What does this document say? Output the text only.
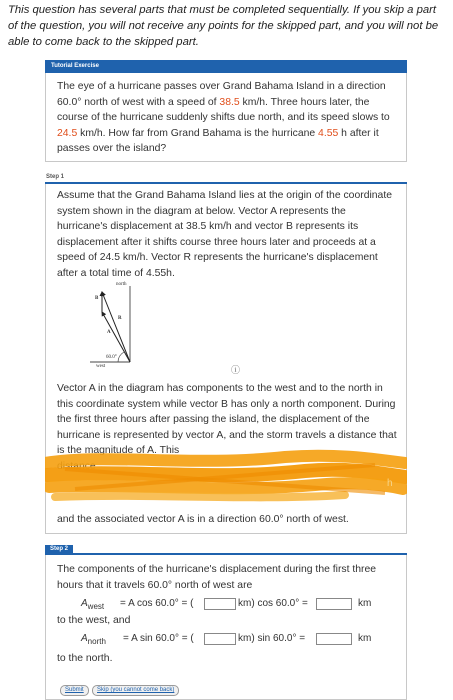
This question has several parts that must be completed sequentially. If you skip a part of the question, you will not receive any points for the skipped part, and you will not be able to come back to the skipped part.
Tutorial Exercise
The eye of a hurricane passes over Grand Bahama Island in a direction 60.0° north of west with a speed of 38.5 km/h. Three hours later, the course of the hurricane suddenly shifts due north, and its speed slows to 24.5 km/h. How far from Grand Bahama is the hurricane 4.55 h after it passes over the island?
Step 1
Assume that the Grand Bahama Island lies at the origin of the coordinate system shown in the diagram at below. Vector A represents the hurricane's displacement at 38.5 km/h and vector B represents its displacement after it shifts course three hours later and proceeds at a speed of 24.5 km/h. Vector R represents the hurricane's displacement after a total time of 4.55h.
north
west
B
R
A
60.0°
ⓘ
Vector A in the diagram has components to the west and to the north in this coordinate system while vector B has only a north component. During the first three hours after passing the island, the displacement of the hurricane is represented by vector A, and the storm travels a distance that is the magnitude of A. This
distance
h
and the associated vector A is in a direction 60.0° north of west.
Step 2
The components of the hurricane's displacement during the first three hours that it travels 60.0° north of west are
$A_{west} = A$ cos 60.0° = (	km) cos 60.0° =	km
to the west, and
$A_{north} = A$ sin 60.0° = (	km) sin 60.0° =	km
to the north.
Submit	Skip (you cannot come back)
